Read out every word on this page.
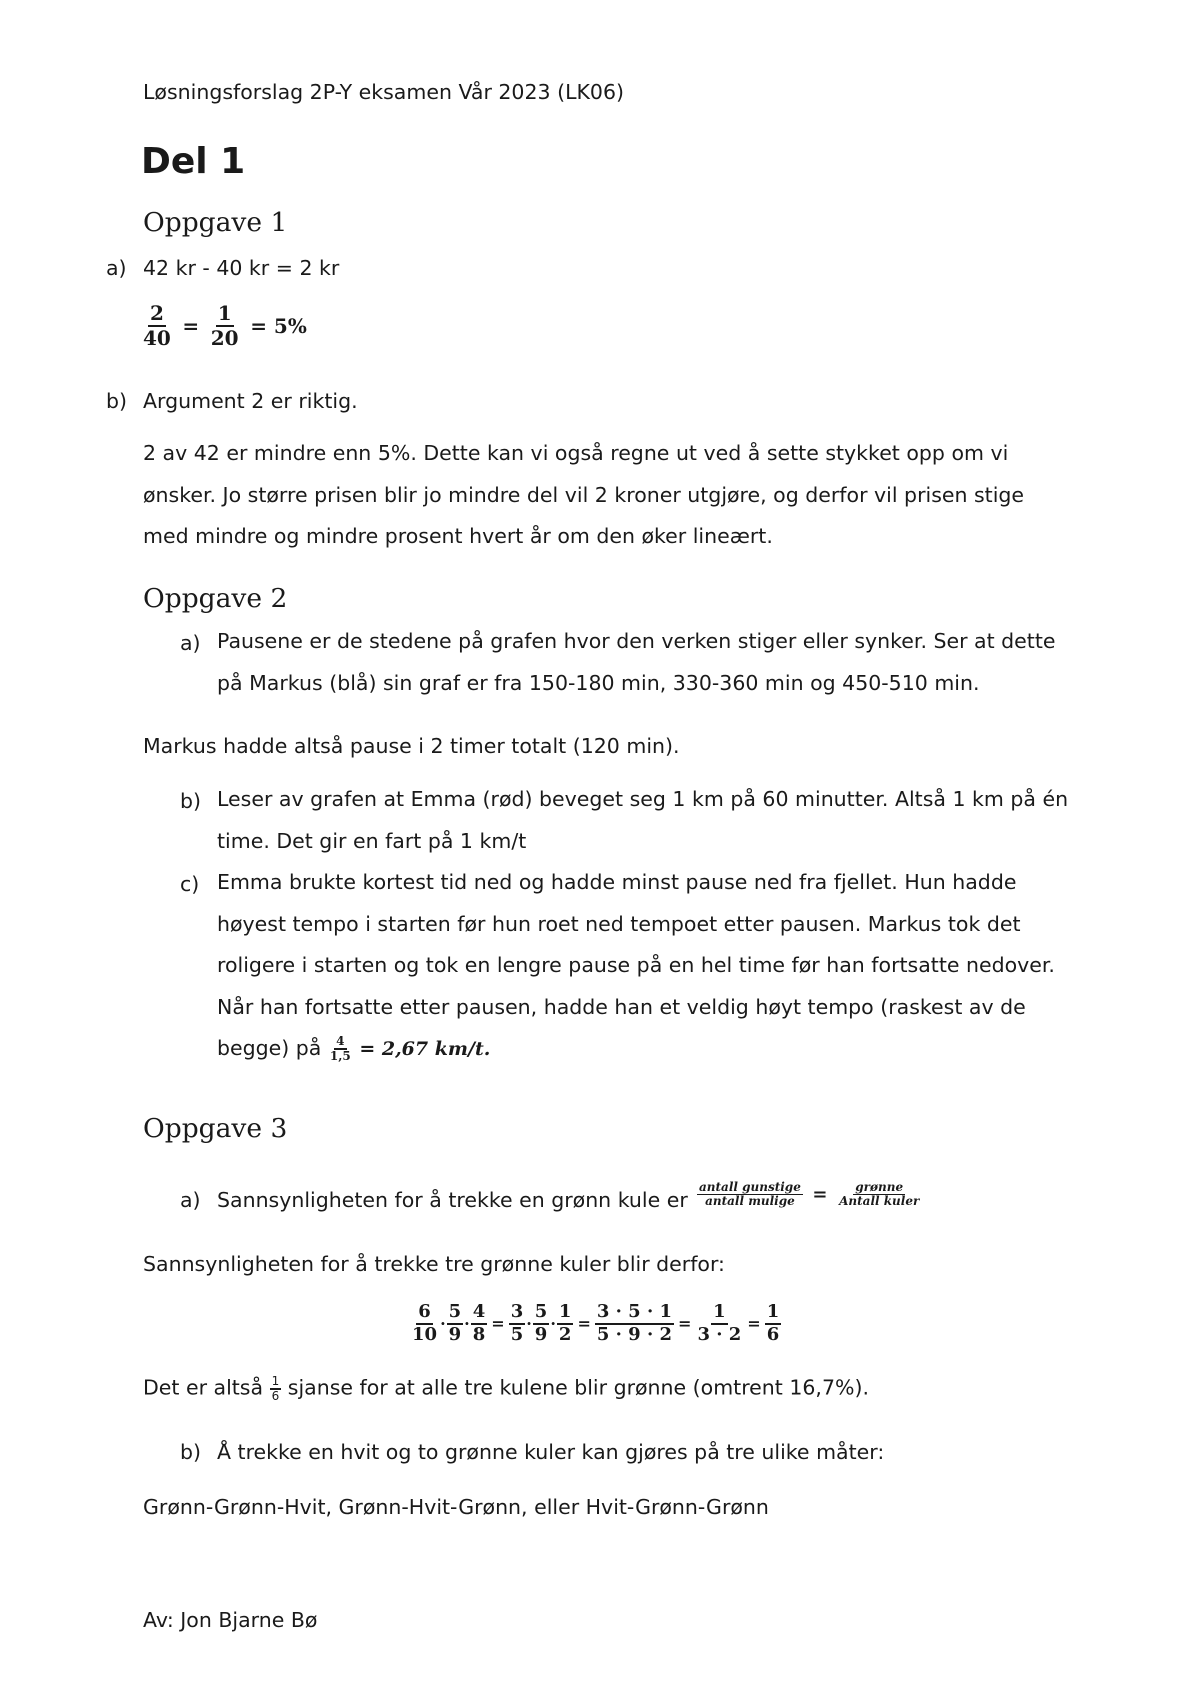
Løsningsforslag 2P-Y eksamen Vår 2023 (LK06)
Del 1
Oppgave 1
a) 42 kr - 40 kr = 2 kr
$\frac{2}{40} = \frac{1}{20} = 5\%$
b) Argument 2 er riktig.
2 av 42 er mindre enn 5%. Dette kan vi også regne ut ved å sette stykket opp om vi ønsker. Jo større prisen blir jo mindre del vil 2 kroner utgjøre, og derfor vil prisen stige med mindre og mindre prosent hvert år om den øker lineært.
Oppgave 2
a) Pausene er de stedene på grafen hvor den verken stiger eller synker. Ser at dette på Markus (blå) sin graf er fra 150-180 min, 330-360 min og 450-510 min.
Markus hadde altså pause i 2 timer totalt (120 min).
b) Leser av grafen at Emma (rød) beveget seg 1 km på 60 minutter. Altså 1 km på én time. Det gir en fart på 1 km/t
c) Emma brukte kortest tid ned og hadde minst pause ned fra fjellet. Hun hadde høyest tempo i starten før hun roet ned tempoet etter pausen. Markus tok det roligere i starten og tok en lengre pause på en hel time før han fortsatte nedover. Når han fortsatte etter pausen, hadde han et veldig høyt tempo (raskest av de begge) på $\frac{4}{1,5} = 2,67$ km/t.
Oppgave 3
a) Sannsynligheten for å trekke en grønn kule er $\frac{\text{antall gunstige}}{\text{antall mulige}} = \frac{\text{grønne}}{\text{Antall kuler}}$
Sannsynligheten for å trekke tre grønne kuler blir derfor:
$\frac{6}{10} \cdot \frac{5}{9} \cdot \frac{4}{8} = \frac{3}{5} \cdot \frac{5}{9} \cdot \frac{1}{2} = \frac{3 \cdot 5 \cdot 1}{5 \cdot 9 \cdot 2} = \frac{1}{3 \cdot 2} = \frac{1}{6}$
Det er altså $\frac{1}{6}$ sjanse for at alle tre kulene blir grønne (omtrent 16,7%).
b) Å trekke en hvit og to grønne kuler kan gjøres på tre ulike måter:
Grønn-Grønn-Hvit, Grønn-Hvit-Grønn, eller Hvit-Grønn-Grønn
Av: Jon Bjarne Bø
